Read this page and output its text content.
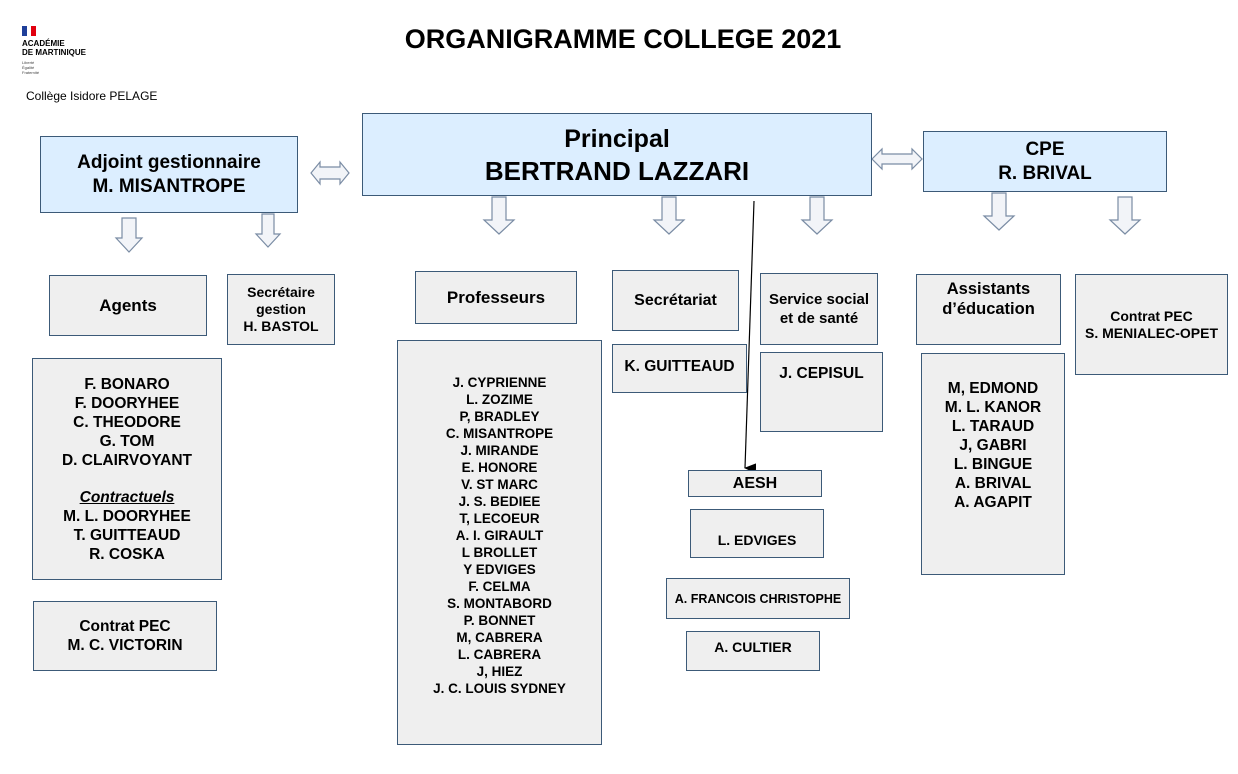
ACADÉMIE
DE MARTINIQUE
Liberté
Égalité
Fraternité
Collège Isidore PELAGE
ORGANIGRAMME COLLEGE 2021
Principal
BERTRAND LAZZARI
Adjoint gestionnaire
M. MISANTROPE
CPE
R. BRIVAL
Agents
F. BONARO
F. DOORYHEE
C. THEODORE
G. TOM
D. CLAIRVOYANT
Contractuels
M. L. DOORYHEE
T. GUITTEAUD
R. COSKA
Contrat PEC
M. C. VICTORIN
Secrétaire
gestion
H. BASTOL
Professeurs
J. CYPRIENNE
L. ZOZIME
P, BRADLEY
C. MISANTROPE
J. MIRANDE
E. HONORE
V. ST MARC
J. S. BEDIEE
T, LECOEUR
A. I. GIRAULT
L BROLLET
Y EDVIGES
F. CELMA
S. MONTABORD
P. BONNET
M, CABRERA
L. CABRERA
J, HIEZ
J. C. LOUIS SYDNEY
Secrétariat
K. GUITTEAUD
Service social
et de santé
J. CEPISUL
AESH
L. EDVIGES
A. FRANCOIS CHRISTOPHE
A. CULTIER
Assistants
d’éducation
M, EDMOND
M. L. KANOR
L. TARAUD
J, GABRI
L. BINGUE
A. BRIVAL
A. AGAPIT
Contrat PEC
S. MENIALEC-OPET
